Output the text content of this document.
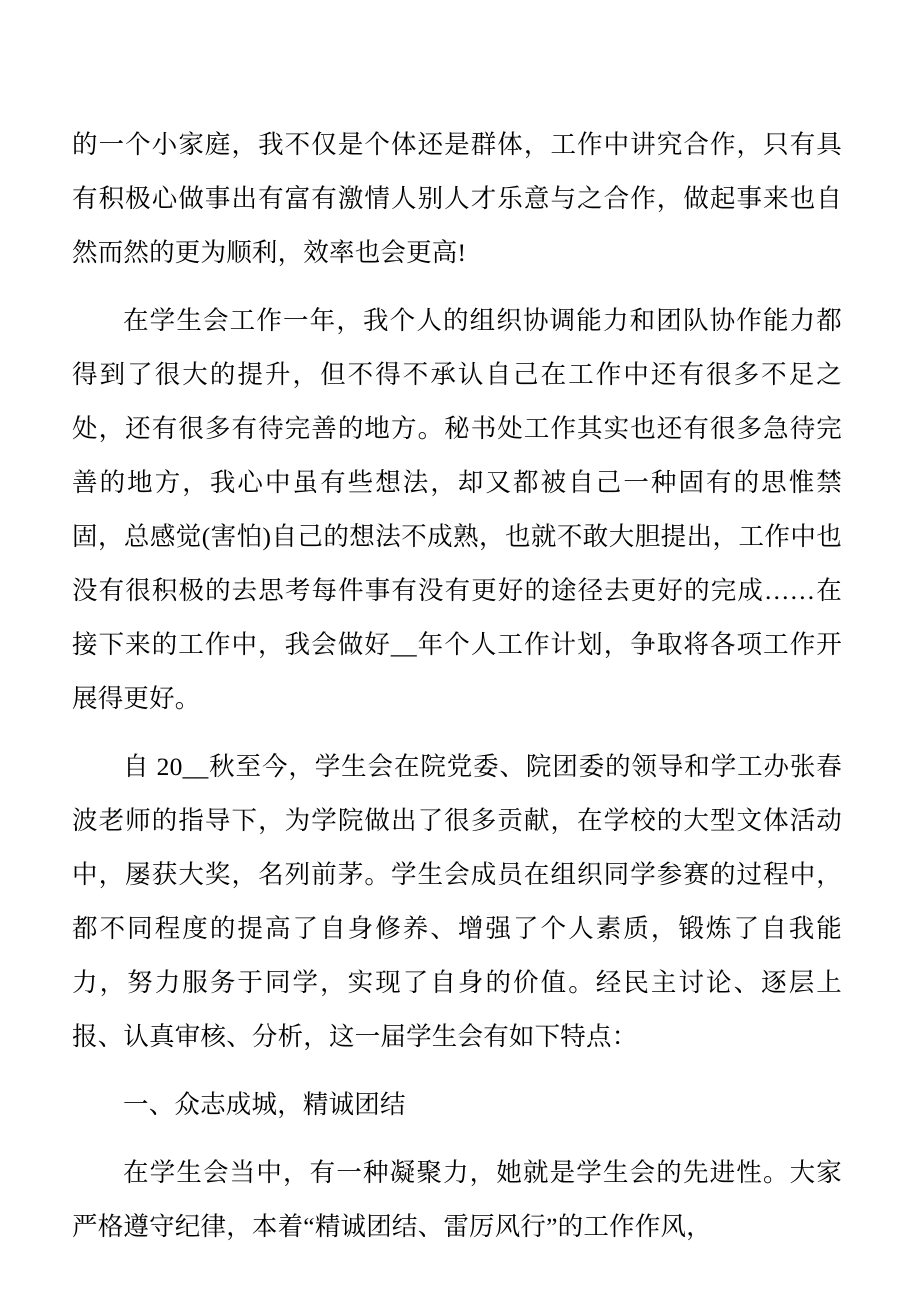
的一个小家庭，我不仅是个体还是群体，工作中讲究合作，只有具有积极心做事出有富有激情人别人才乐意与之合作，做起事来也自然而然的更为顺利，效率也会更高!

在学生会工作一年，我个人的组织协调能力和团队协作能力都得到了很大的提升，但不得不承认自己在工作中还有很多不足之处，还有很多有待完善的地方。秘书处工作其实也还有很多急待完善的地方，我心中虽有些想法，却又都被自己一种固有的思惟禁固，总感觉(害怕)自己的想法不成熟，也就不敢大胆提出，工作中也没有很积极的去思考每件事有没有更好的途径去更好的完成……在接下来的工作中，我会做好__年个人工作计划，争取将各项工作开展得更好。

自 20__秋至今，学生会在院党委、院团委的领导和学工办张春波老师的指导下，为学院做出了很多贡献，在学校的大型文体活动中，屡获大奖，名列前茅。学生会成员在组织同学参赛的过程中，都不同程度的提高了自身修养、增强了个人素质，锻炼了自我能力，努力服务于同学，实现了自身的价值。经民主讨论、逐层上报、认真审核、分析，这一届学生会有如下特点：

一、众志成城，精诚团结

在学生会当中，有一种凝聚力，她就是学生会的先进性。大家严格遵守纪律，本着“精诚团结、雷厉风行”的工作作风，
